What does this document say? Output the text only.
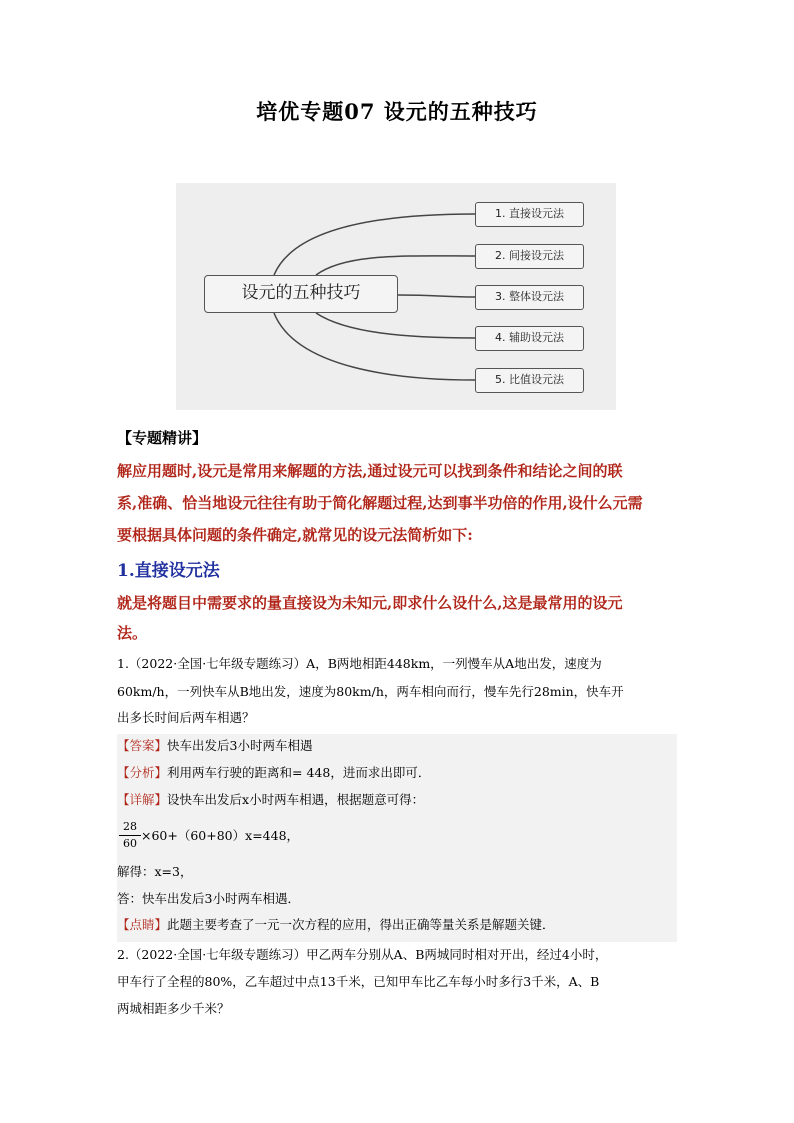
培优专题07 设元的五种技巧
设元的五种技巧
1. 直接设元法
2. 间接设元法
3. 整体设元法
4. 辅助设元法
5. 比值设元法
【专题精讲】
解应用题时,设元是常用来解题的方法,通过设元可以找到条件和结论之间的联
系,准确、恰当地设元往往有助于简化解题过程,达到事半功倍的作用,设什么元需
要根据具体问题的条件确定,就常见的设元法简析如下:
1.直接设元法
就是将题目中需要求的量直接设为未知元,即求什么设什么,这是最常用的设元
法。
1.（2022·全国·七年级专题练习）A，B两地相距448km，一列慢车从A地出发，速度为
60km/h，一列快车从B地出发，速度为80km/h，两车相向而行，慢车先行28min，快车开
出多长时间后两车相遇？
【答案】快车出发后3小时两车相遇
【分析】利用两车行驶的距离和= 448，进而求出即可．
【详解】设快车出发后x小时两车相遇，根据题意可得：
$\frac{28}{60} \times 60+(60+80)x=448$，
解得：x=3，
答：快车出发后3小时两车相遇．
【点睛】此题主要考查了一元一次方程的应用，得出正确等量关系是解题关键．
2.（2022·全国·七年级专题练习）甲乙两车分别从A、B两城同时相对开出，经过4小时，
甲车行了全程的80%，乙车超过中点13千米，已知甲车比乙车每小时多行3千米，A、B
两城相距多少千米？
